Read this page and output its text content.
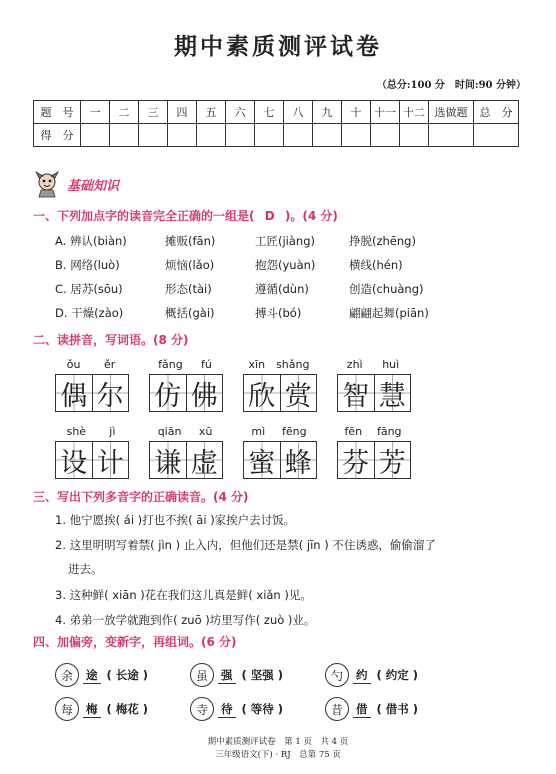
期中素质测评试卷
（总分:100 分　时间:90 分钟）
题　号	一	二	三	四	五	六	七	八	九	十	十一	十二	选做题	总　分
得　分														
基础知识
一、下列加点字的读音完全正确的一组是( D )。(4 分)
A. 辨认(biàn)	摊贩(fān)	工匠(jiàng)	挣脱(zhēng)
B. 网络(luò)	烦恼(lǎo)	抱怨(yuàn)	横线(hén)
C. 居苏(sōu)	形态(tài)	遵循(dùn)	创造(chuàng)
D. 干燥(zào)	概括(gài)	搏斗(bó)	翩翩起舞(piān)
二、读拼音，写词语。(8 分)
ǒu ěr
偶 尔
fǎng fú
仿 佛
xīn shǎng
欣 赏
zhì huì
智 慧
shè jì
设 计
qiān xū
谦 虚
mì fēng
蜜 蜂
fēn fāng
芬 芳
三、写出下列多音字的正确读音。(4 分)
1. 他宁愿挨( ái )打也不挨( āi )家挨户去讨饭。
2. 这里明明写着禁( jìn ) 止入内，但他们还是禁( jīn ) 不住诱惑，偷偷溜了
进去。
3. 这种鲜( xiān )花在我们这儿真是鲜( xiǎn )见。
4. 弟弟一放学就跑到作( zuō )坊里写作( zuò )业。
四、加偏旁，变新字，再组词。(6 分)
余	途 ( 长途 )	虽	强 ( 坚强 )	勺	约 ( 约定 )
每	梅 ( 梅花 )	寺	待 ( 等待 )	昔	借 ( 借书 )
期中素质测评试卷　第 1 页　共 4 页
三年级语文(下) · RJ　总第 75 页
